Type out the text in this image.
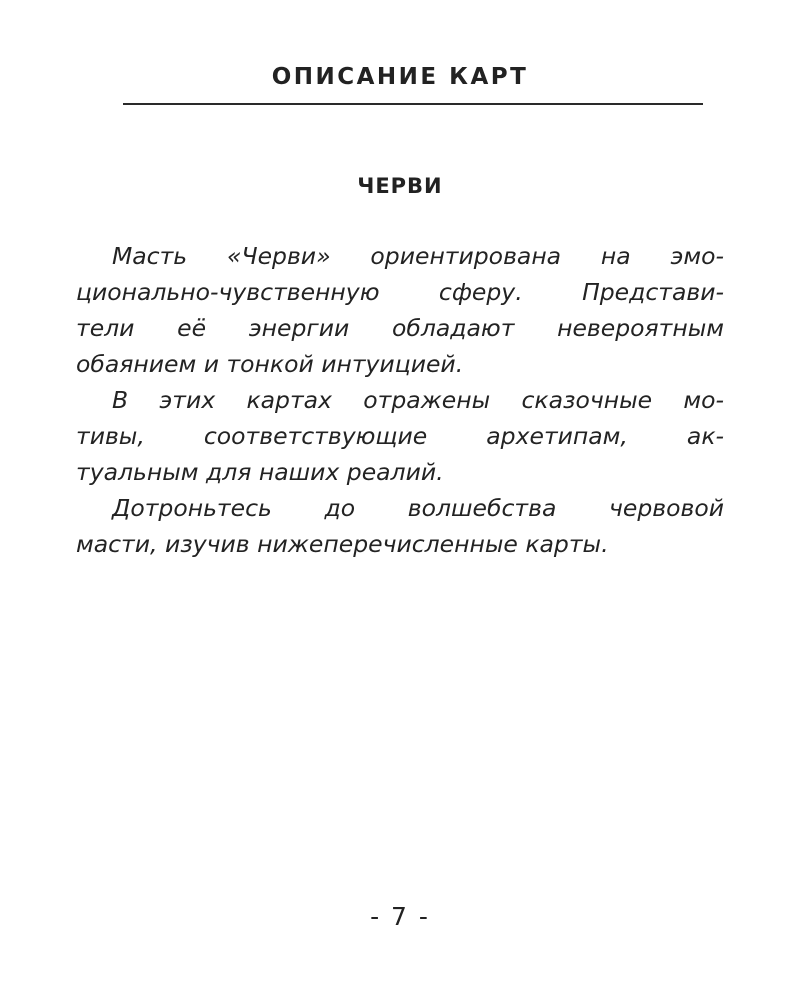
ОПИСАНИЕ КАРТ
ЧЕРВИ
Масть «Черви» ориентирована на эмо-
ционально-чувственную сферу. Представи-
тели её энергии обладают невероятным
обаянием и тонкой интуицией.
В этих картах отражены сказочные мо-
тивы, соответствующие архетипам, ак-
туальным для наших реалий.
Дотроньтесь до волшебства червовой
масти, изучив нижеперечисленные карты.
- 7 -
